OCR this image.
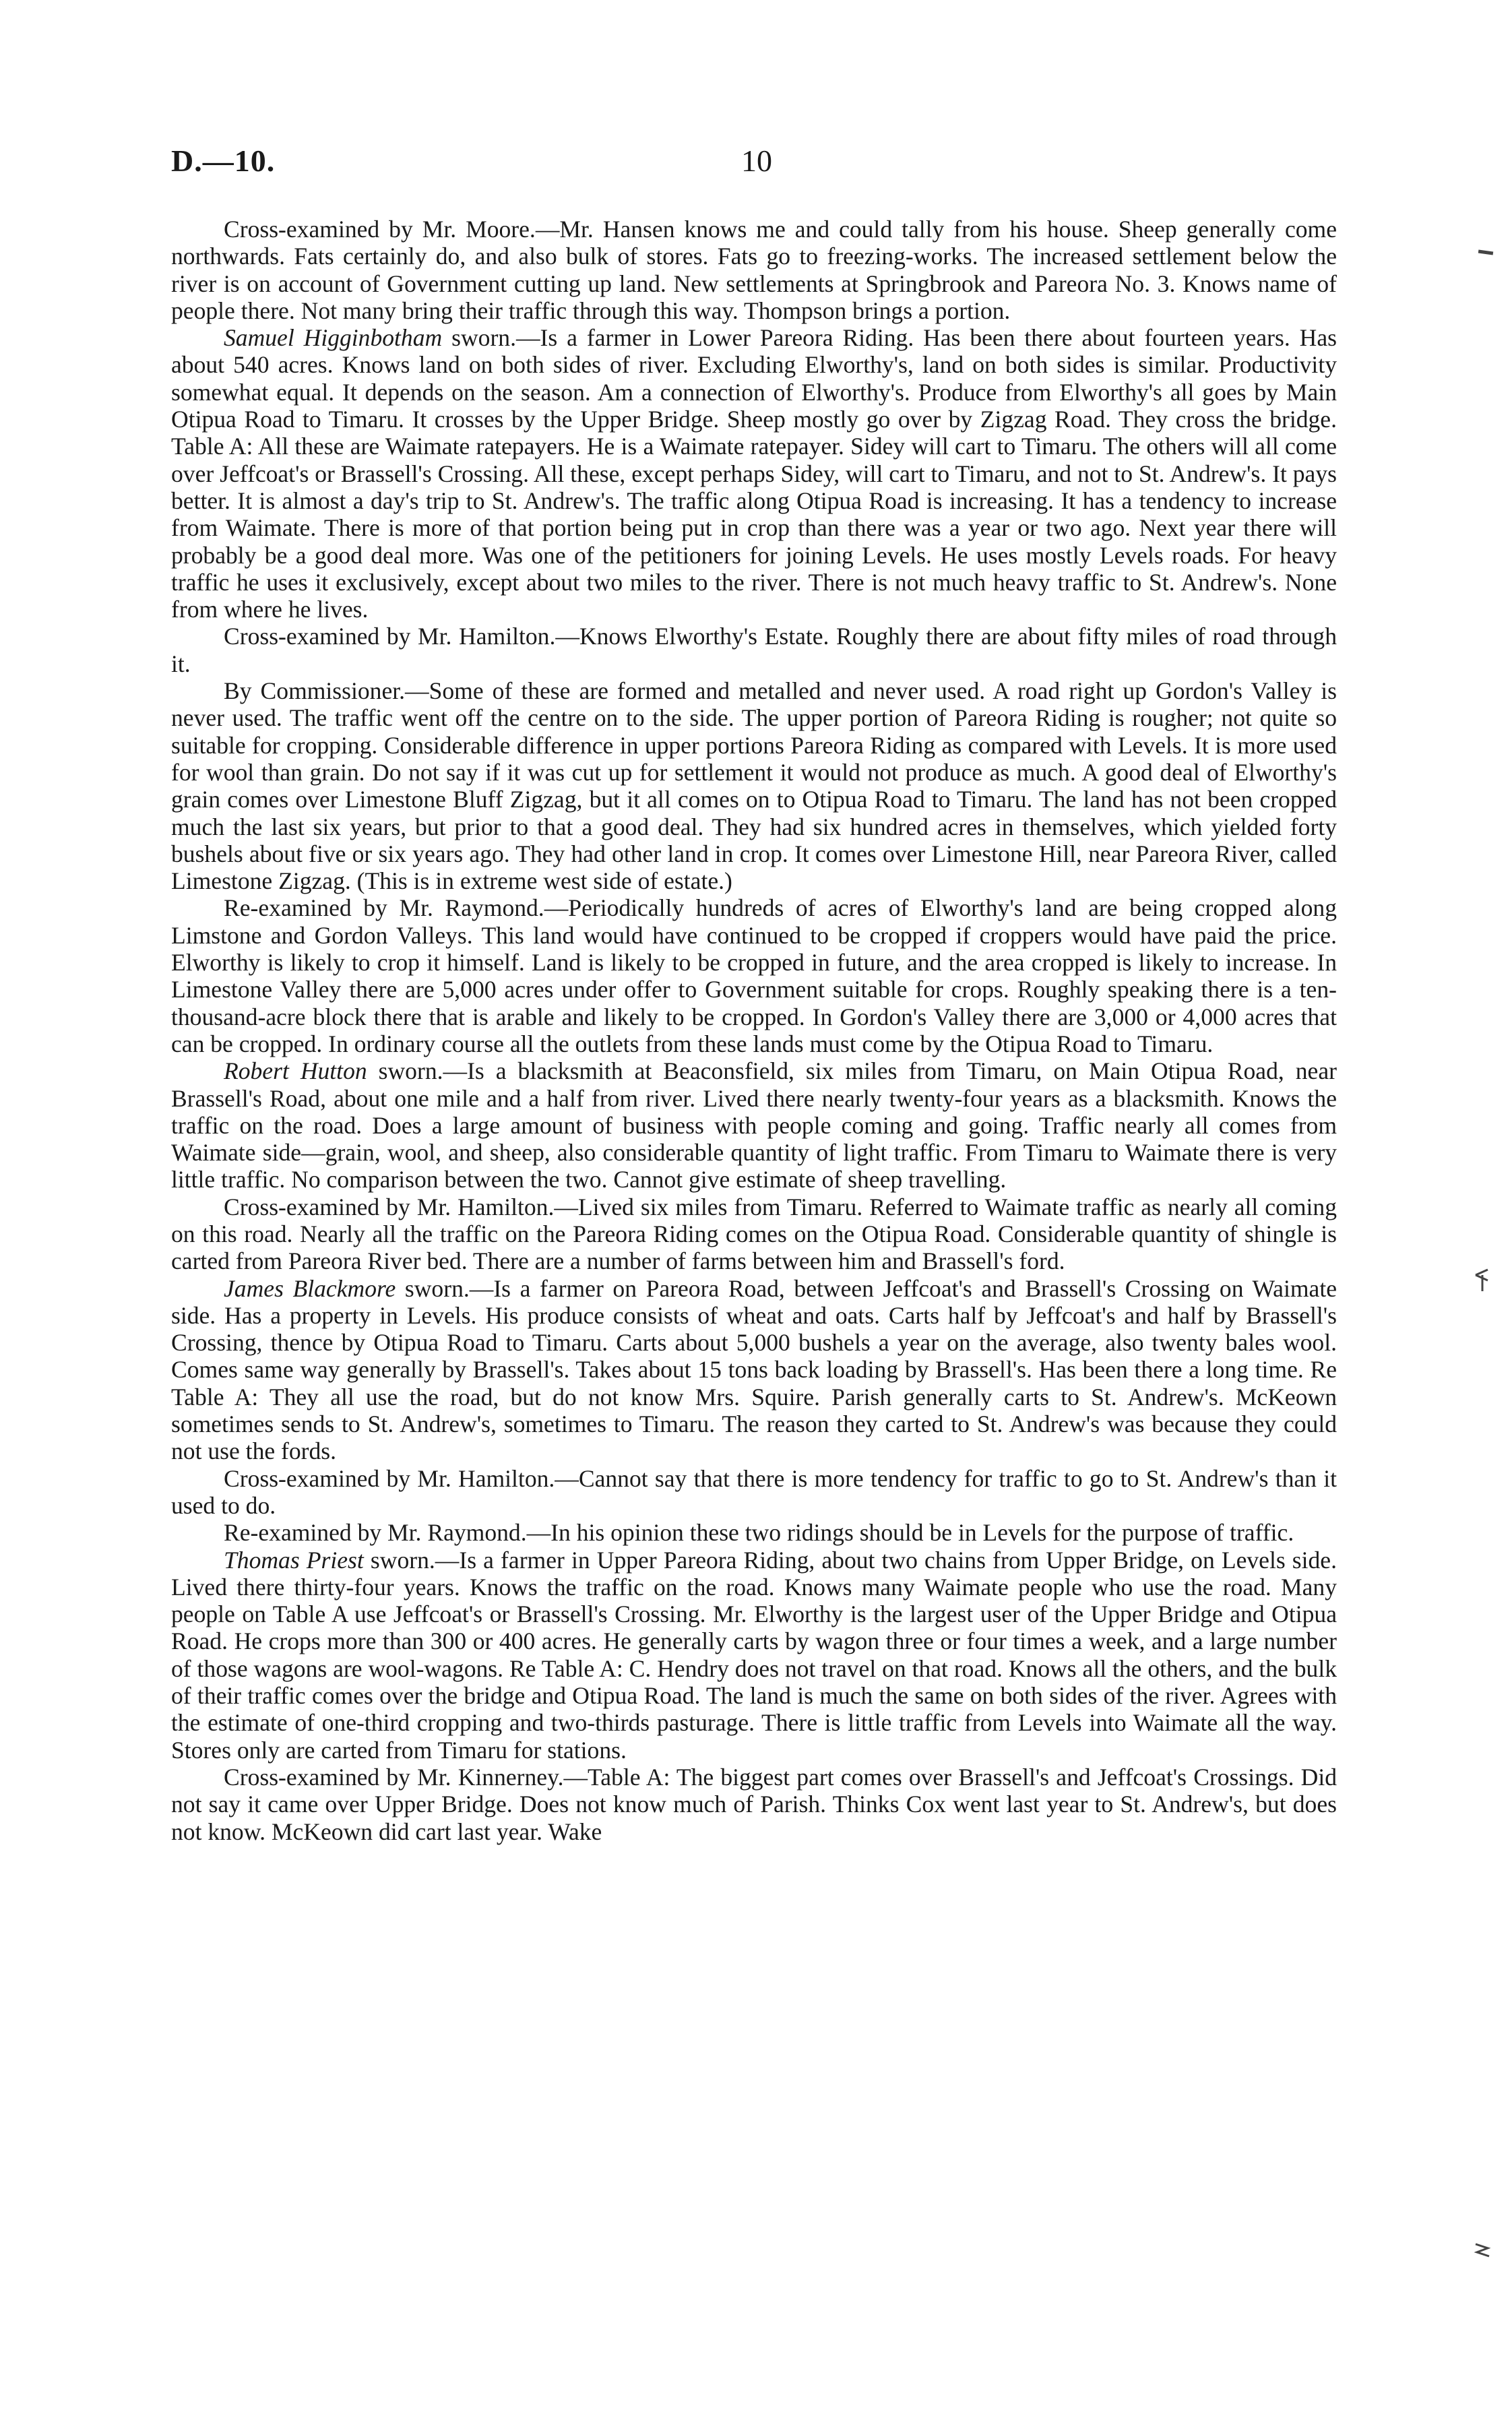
D.—10.	10

Cross-examined by Mr. Moore.—Mr. Hansen knows me and could tally from his house. Sheep generally come northwards. Fats certainly do, and also bulk of stores. Fats go to freezing-works. The increased settlement below the river is on account of Government cutting up land. New settlements at Springbrook and Pareora No. 3. Knows name of people there. Not many bring their traffic through this way. Thompson brings a portion.

Samuel Higginbotham sworn.—Is a farmer in Lower Pareora Riding. Has been there about fourteen years. Has about 540 acres. Knows land on both sides of river. Excluding Elworthy's, land on both sides is similar. Productivity somewhat equal. It depends on the season. Am a connection of Elworthy's. Produce from Elworthy's all goes by Main Otipua Road to Timaru. It crosses by the Upper Bridge. Sheep mostly go over by Zigzag Road. They cross the bridge. Table A: All these are Waimate ratepayers. He is a Waimate ratepayer. Sidey will cart to Timaru. The others will all come over Jeffcoat's or Brassell's Crossing. All these, except perhaps Sidey, will cart to Timaru, and not to St. Andrew's. It pays better. It is almost a day's trip to St. Andrew's. The traffic along Otipua Road is increasing. It has a tendency to increase from Waimate. There is more of that portion being put in crop than there was a year or two ago. Next year there will probably be a good deal more. Was one of the petitioners for joining Levels. He uses mostly Levels roads. For heavy traffic he uses it exclusively, except about two miles to the river. There is not much heavy traffic to St. Andrew's. None from where he lives.

Cross-examined by Mr. Hamilton.—Knows Elworthy's Estate. Roughly there are about fifty miles of road through it.

By Commissioner.—Some of these are formed and metalled and never used. A road right up Gordon's Valley is never used. The traffic went off the centre on to the side. The upper portion of Pareora Riding is rougher; not quite so suitable for cropping. Considerable difference in upper portions Pareora Riding as compared with Levels. It is more used for wool than grain. Do not say if it was cut up for settlement it would not produce as much. A good deal of Elworthy's grain comes over Limestone Bluff Zigzag, but it all comes on to Otipua Road to Timaru. The land has not been cropped much the last six years, but prior to that a good deal. They had six hundred acres in themselves, which yielded forty bushels about five or six years ago. They had other land in crop. It comes over Limestone Hill, near Pareora River, called Limestone Zigzag. (This is in extreme west side of estate.)

Re-examined by Mr. Raymond.—Periodically hundreds of acres of Elworthy's land are being cropped along Limstone and Gordon Valleys. This land would have continued to be cropped if croppers would have paid the price. Elworthy is likely to crop it himself. Land is likely to be cropped in future, and the area cropped is likely to increase. In Limestone Valley there are 5,000 acres under offer to Government suitable for crops. Roughly speaking there is a ten-thousand-acre block there that is arable and likely to be cropped. In Gordon's Valley there are 3,000 or 4,000 acres that can be cropped. In ordinary course all the outlets from these lands must come by the Otipua Road to Timaru.

Robert Hutton sworn.—Is a blacksmith at Beaconsfield, six miles from Timaru, on Main Otipua Road, near Brassell's Road, about one mile and a half from river. Lived there nearly twenty-four years as a blacksmith. Knows the traffic on the road. Does a large amount of business with people coming and going. Traffic nearly all comes from Waimate side—grain, wool, and sheep, also considerable quantity of light traffic. From Timaru to Waimate there is very little traffic. No comparison between the two. Cannot give estimate of sheep travelling.

Cross-examined by Mr. Hamilton.—Lived six miles from Timaru. Referred to Waimate traffic as nearly all coming on this road. Nearly all the traffic on the Pareora Riding comes on the Otipua Road. Considerable quantity of shingle is carted from Pareora River bed. There are a number of farms between him and Brassell's ford.

James Blackmore sworn.—Is a farmer on Pareora Road, between Jeffcoat's and Brassell's Crossing on Waimate side. Has a property in Levels. His produce consists of wheat and oats. Carts half by Jeffcoat's and half by Brassell's Crossing, thence by Otipua Road to Timaru. Carts about 5,000 bushels a year on the average, also twenty bales wool. Comes same way generally by Brassell's. Takes about 15 tons back loading by Brassell's. Has been there a long time. Re Table A: They all use the road, but do not know Mrs. Squire. Parish generally carts to St. Andrew's. McKeown sometimes sends to St. Andrew's, sometimes to Timaru. The reason they carted to St. Andrew's was because they could not use the fords.

Cross-examined by Mr. Hamilton.—Cannot say that there is more tendency for traffic to go to St. Andrew's than it used to do.

Re-examined by Mr. Raymond.—In his opinion these two ridings should be in Levels for the purpose of traffic.

Thomas Priest sworn.—Is a farmer in Upper Pareora Riding, about two chains from Upper Bridge, on Levels side. Lived there thirty-four years. Knows the traffic on the road. Knows many Waimate people who use the road. Many people on Table A use Jeffcoat's or Brassell's Crossing. Mr. Elworthy is the largest user of the Upper Bridge and Otipua Road. He crops more than 300 or 400 acres. He generally carts by wagon three or four times a week, and a large number of those wagons are wool-wagons. Re Table A: C. Hendry does not travel on that road. Knows all the others, and the bulk of their traffic comes over the bridge and Otipua Road. The land is much the same on both sides of the river. Agrees with the estimate of one-third cropping and two-thirds pasturage. There is little traffic from Levels into Waimate all the way. Stores only are carted from Timaru for stations.

Cross-examined by Mr. Kinnerney.—Table A: The biggest part comes over Brassell's and Jeffcoat's Crossings. Did not say it came over Upper Bridge. Does not know much of Parish. Thinks Cox went last year to St. Andrew's, but does not know. McKeown did cart last year. Wake
